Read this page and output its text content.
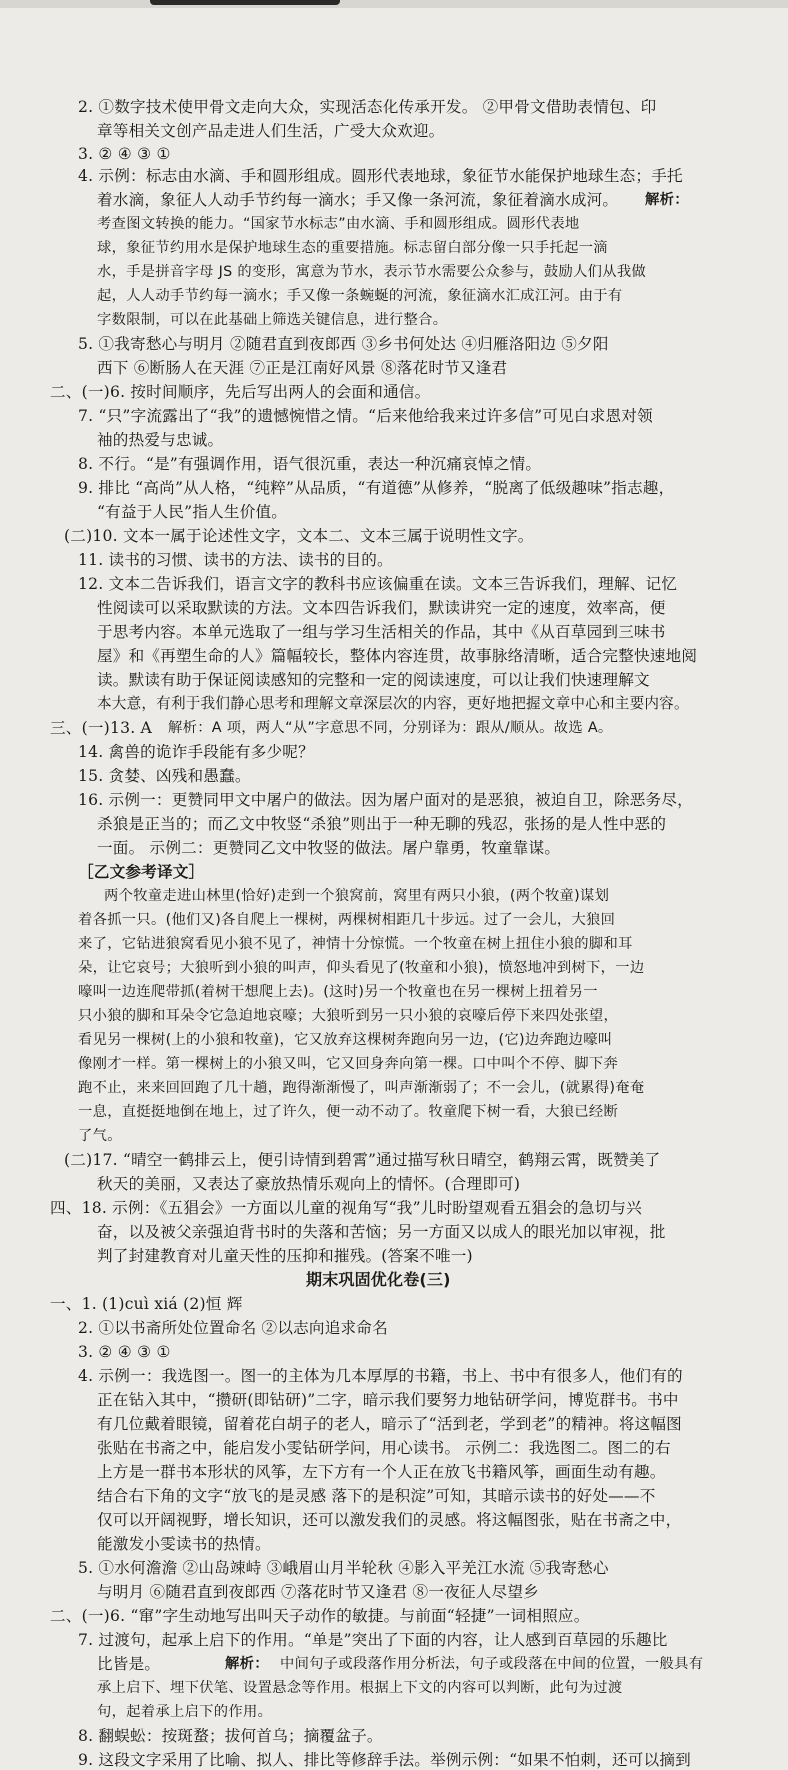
2. ①数字技术使甲骨文走向大众，实现活态化传承开发。 ②甲骨文借助表情包、印
章等相关文创产品走进人们生活，广受大众欢迎。
3. ② ④ ③ ①
4. 示例：标志由水滴、手和圆形组成。圆形代表地球，象征节水能保护地球生态；手托
着水滴，象征人人动手节约每一滴水；手又像一条河流，象征着滴水成河。 解析：
考查图文转换的能力。“国家节水标志”由水滴、手和圆形组成。圆形代表地
球，象征节约用水是保护地球生态的重要措施。标志留白部分像一只手托起一滴
水，手是拼音字母 JS 的变形，寓意为节水，表示节水需要公众参与，鼓励人们从我做
起，人人动手节约每一滴水；手又像一条蜿蜒的河流，象征滴水汇成江河。由于有
字数限制，可以在此基础上筛选关键信息，进行整合。
5. ①我寄愁心与明月 ②随君直到夜郎西 ③乡书何处达 ④归雁洛阳边 ⑤夕阳
西下 ⑥断肠人在天涯 ⑦正是江南好风景 ⑧落花时节又逢君
二、(一)6. 按时间顺序，先后写出两人的会面和通信。
7. “只”字流露出了“我”的遗憾惋惜之情。“后来他给我来过许多信”可见白求恩对领
袖的热爱与忠诚。
8. 不行。“是”有强调作用，语气很沉重，表达一种沉痛哀悼之情。
9. 排比 “高尚”从人格，“纯粹”从品质，“有道德”从修养，“脱离了低级趣味”指志趣，
“有益于人民”指人生价值。
(二)10. 文本一属于论述性文字，文本二、文本三属于说明性文字。
11. 读书的习惯、读书的方法、读书的目的。
12. 文本二告诉我们，语言文字的教科书应该偏重在读。文本三告诉我们，理解、记忆
性阅读可以采取默读的方法。文本四告诉我们，默读讲究一定的速度，效率高，便
于思考内容。本单元选取了一组与学习生活相关的作品，其中《从百草园到三味书
屋》和《再塑生命的人》篇幅较长，整体内容连贯，故事脉络清晰，适合完整快速地阅
读。默读有助于保证阅读感知的完整和一定的阅读速度，可以让我们快速理解文
本大意，有利于我们静心思考和理解文章深层次的内容，更好地把握文章中心和主要内容。
三、(一)13. A 解析：A 项，两人“从”字意思不同，分别译为：跟从/顺从。故选 A。
14. 禽兽的诡诈手段能有多少呢？
15. 贪婪、凶残和愚蠢。
16. 示例一：更赞同甲文中屠户的做法。因为屠户面对的是恶狼，被迫自卫，除恶务尽，
杀狼是正当的；而乙文中牧竖“杀狼”则出于一种无聊的残忍，张扬的是人性中恶的
一面。 示例二：更赞同乙文中牧竖的做法。屠户靠勇，牧童靠谋。
［乙文参考译文］
两个牧童走进山林里(恰好)走到一个狼窝前，窝里有两只小狼，(两个牧童)谋划
着各抓一只。(他们又)各自爬上一棵树，两棵树相距几十步远。过了一会儿，大狼回
来了，它钻进狼窝看见小狼不见了，神情十分惊慌。一个牧童在树上扭住小狼的脚和耳
朵，让它哀号；大狼听到小狼的叫声，仰头看见了(牧童和小狼)，愤怒地冲到树下，一边
嚎叫一边连爬带抓(着树干想爬上去)。(这时)另一个牧童也在另一棵树上扭着另一
只小狼的脚和耳朵令它急迫地哀嚎；大狼听到另一只小狼的哀嚎后停下来四处张望，
看见另一棵树(上的小狼和牧童)，它又放弃这棵树奔跑向另一边，(它)边奔跑边嚎叫
像刚才一样。第一棵树上的小狼又叫，它又回身奔向第一棵。口中叫个不停、脚下奔
跑不止，来来回回跑了几十趟，跑得渐渐慢了，叫声渐渐弱了；不一会儿，(就累得)奄奄
一息，直挺挺地倒在地上，过了许久，便一动不动了。牧童爬下树一看，大狼已经断
了气。
(二)17. “晴空一鹤排云上，便引诗情到碧霄”通过描写秋日晴空，鹤翔云霄，既赞美了
秋天的美丽，又表达了豪放热情乐观向上的情怀。(合理即可)
四、18. 示例：《五猖会》一方面以儿童的视角写“我”儿时盼望观看五猖会的急切与兴
奋，以及被父亲强迫背书时的失落和苦恼；另一方面又以成人的眼光加以审视，批
判了封建教育对儿童天性的压抑和摧残。(答案不唯一)
期末巩固优化卷(三)
一、1. (1)cuì xiá (2)恒 辉
2. ①以书斋所处位置命名 ②以志向追求命名
3. ② ④ ③ ①
4. 示例一：我选图一。图一的主体为几本厚厚的书籍，书上、书中有很多人，他们有的
正在钻入其中，“攒研(即钻研)”二字，暗示我们要努力地钻研学问，博览群书。书中
有几位戴着眼镜，留着花白胡子的老人，暗示了“活到老，学到老”的精神。将这幅图
张贴在书斋之中，能启发小雯钻研学问，用心读书。 示例二：我选图二。图二的右
上方是一群书本形状的风筝，左下方有一个人正在放飞书籍风筝，画面生动有趣。
结合右下角的文字“放飞的是灵感 落下的是积淀”可知，其暗示读书的好处——不
仅可以开阔视野，增长知识，还可以激发我们的灵感。将这幅图张，贴在书斋之中，
能激发小雯读书的热情。
5. ①水何澹澹 ②山岛竦峙 ③峨眉山月半轮秋 ④影入平羌江水流 ⑤我寄愁心
与明月 ⑥随君直到夜郎西 ⑦落花时节又逢君 ⑧一夜征人尽望乡
二、(一)6. “窜”字生动地写出叫天子动作的敏捷。与前面“轻捷”一词相照应。
7. 过渡句，起承上启下的作用。“单是”突出了下面的内容，让人感到百草园的乐趣比
比皆是。	解析： 中间句子或段落作用分析法，句子或段落在中间的位置，一般具有
承上启下、埋下伏笔、设置悬念等作用。根据上下文的内容可以判断，此句为过渡
句，起着承上启下的作用。
8. 翻蜈蚣：按斑蝥；拔何首乌；摘覆盆子。
9. 这段文字采用了比喻、拟人、排比等修辞手法。举例示例：“如果不怕刺，还可以摘到
